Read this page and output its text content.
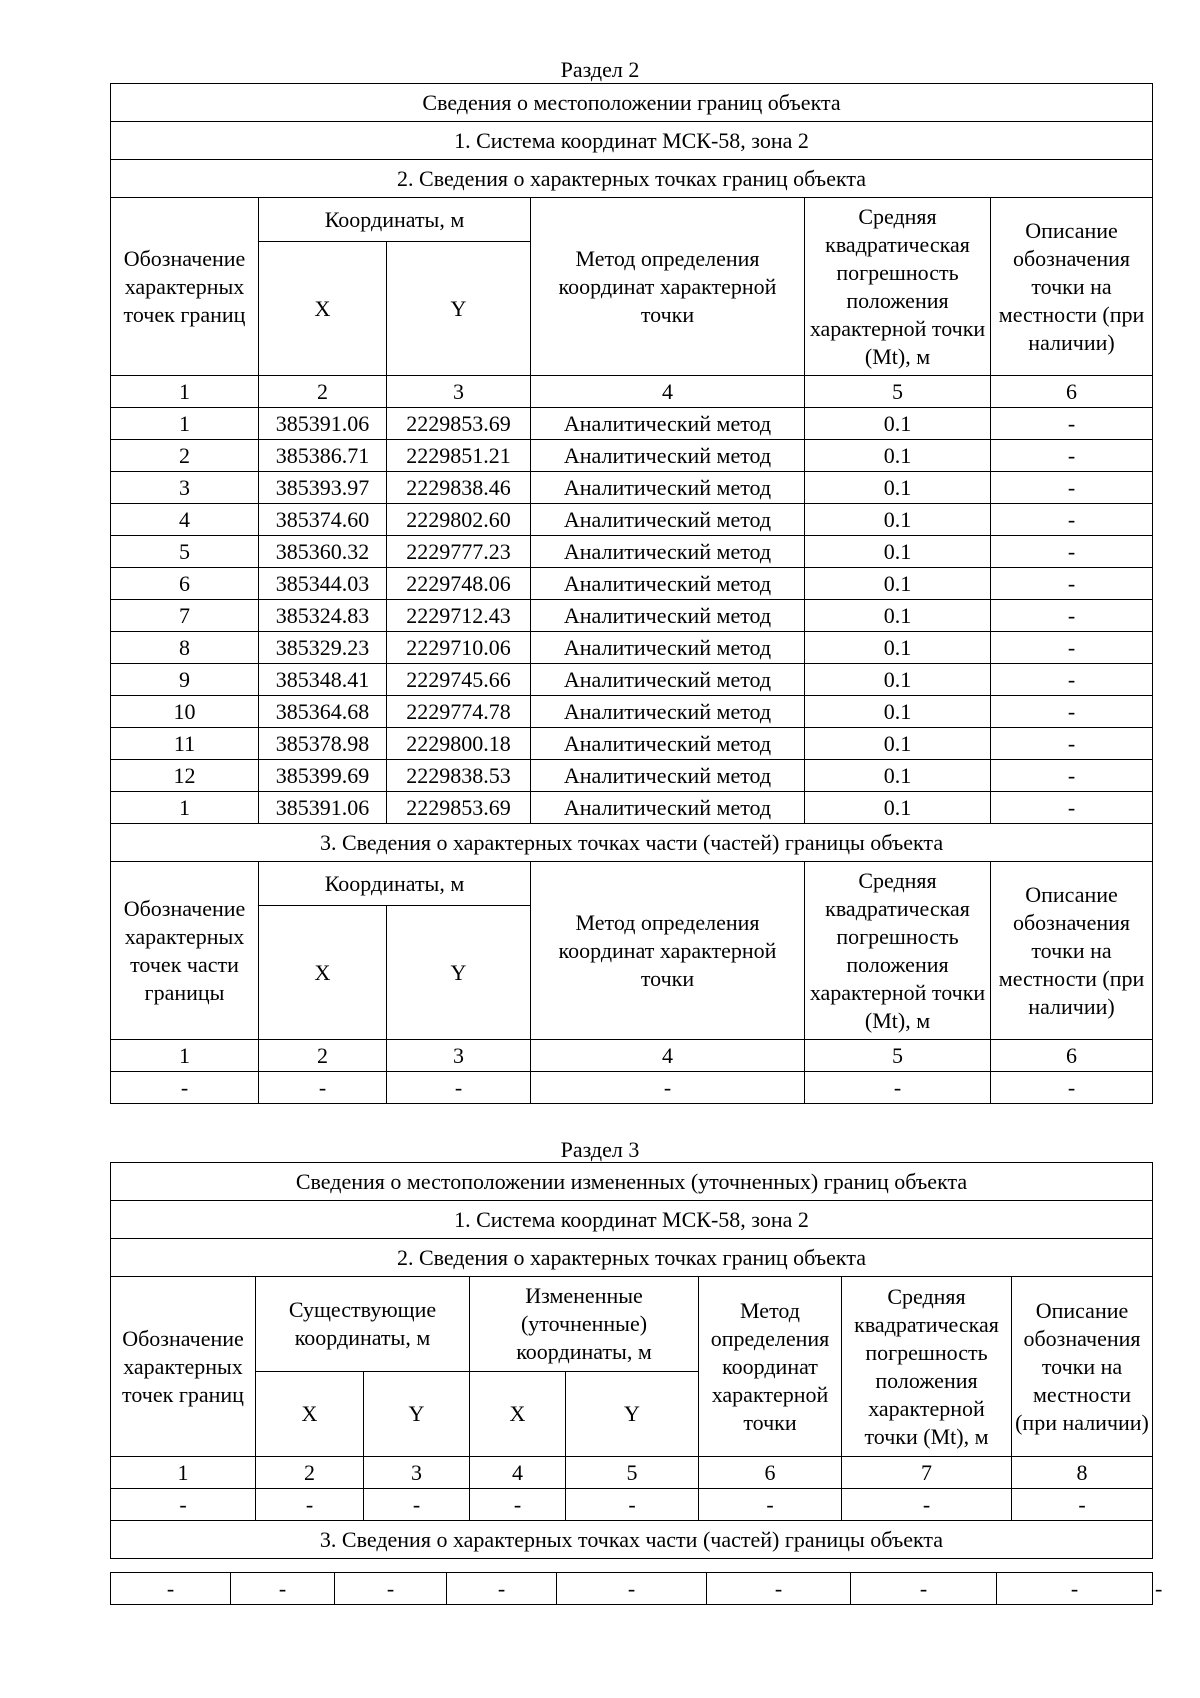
Раздел 2
Сведения о местоположении границ объекта					
1. Система координат МСК-58, зона 2					
2. Сведения о характерных точках границ объекта					
Обозначение характерных точек границ	Координаты, м		Метод определения координат характерной точки	Средняя квадратическая погрешность положения характерной точки (Mt), м	Описание обозначения точки на местности (при наличии)
	X	Y			
1	2	3	4	5	6
1	385391.06	2229853.69	Аналитический метод	0.1	-
2	385386.71	2229851.21	Аналитический метод	0.1	-
3	385393.97	2229838.46	Аналитический метод	0.1	-
4	385374.60	2229802.60	Аналитический метод	0.1	-
5	385360.32	2229777.23	Аналитический метод	0.1	-
6	385344.03	2229748.06	Аналитический метод	0.1	-
7	385324.83	2229712.43	Аналитический метод	0.1	-
8	385329.23	2229710.06	Аналитический метод	0.1	-
9	385348.41	2229745.66	Аналитический метод	0.1	-
10	385364.68	2229774.78	Аналитический метод	0.1	-
11	385378.98	2229800.18	Аналитический метод	0.1	-
12	385399.69	2229838.53	Аналитический метод	0.1	-
1	385391.06	2229853.69	Аналитический метод	0.1	-
3. Сведения о характерных точках части (частей) границы объекта					
Обозначение характерных точек части границы	Координаты, м		Метод определения координат характерной точки	Средняя квадратическая погрешность положения характерной точки (Mt), м	Описание обозначения точки на местности (при наличии)
	X	Y			
1	2	3	4	5	6
-	-	-	-	-	-
Раздел 3
Сведения о местоположении измененных (уточненных) границ объекта							
1. Система координат МСК-58, зона 2							
2. Сведения о характерных точках границ объекта							
Обозначение характерных точек границ	Существующие координаты, м		Измененные (уточненные) координаты, м		Метод определения координат характерной точки	Средняя квадратическая погрешность положения характерной точки (Mt), м	Описание обозначения точки на местности (при наличии)
	X	Y	X	Y			
1	2	3	4	5	6	7	8
-	-	-	-	-	-	-	-
3. Сведения о характерных точках части (частей) границы объекта							
-	-	-	-	-	-	-	-	-
